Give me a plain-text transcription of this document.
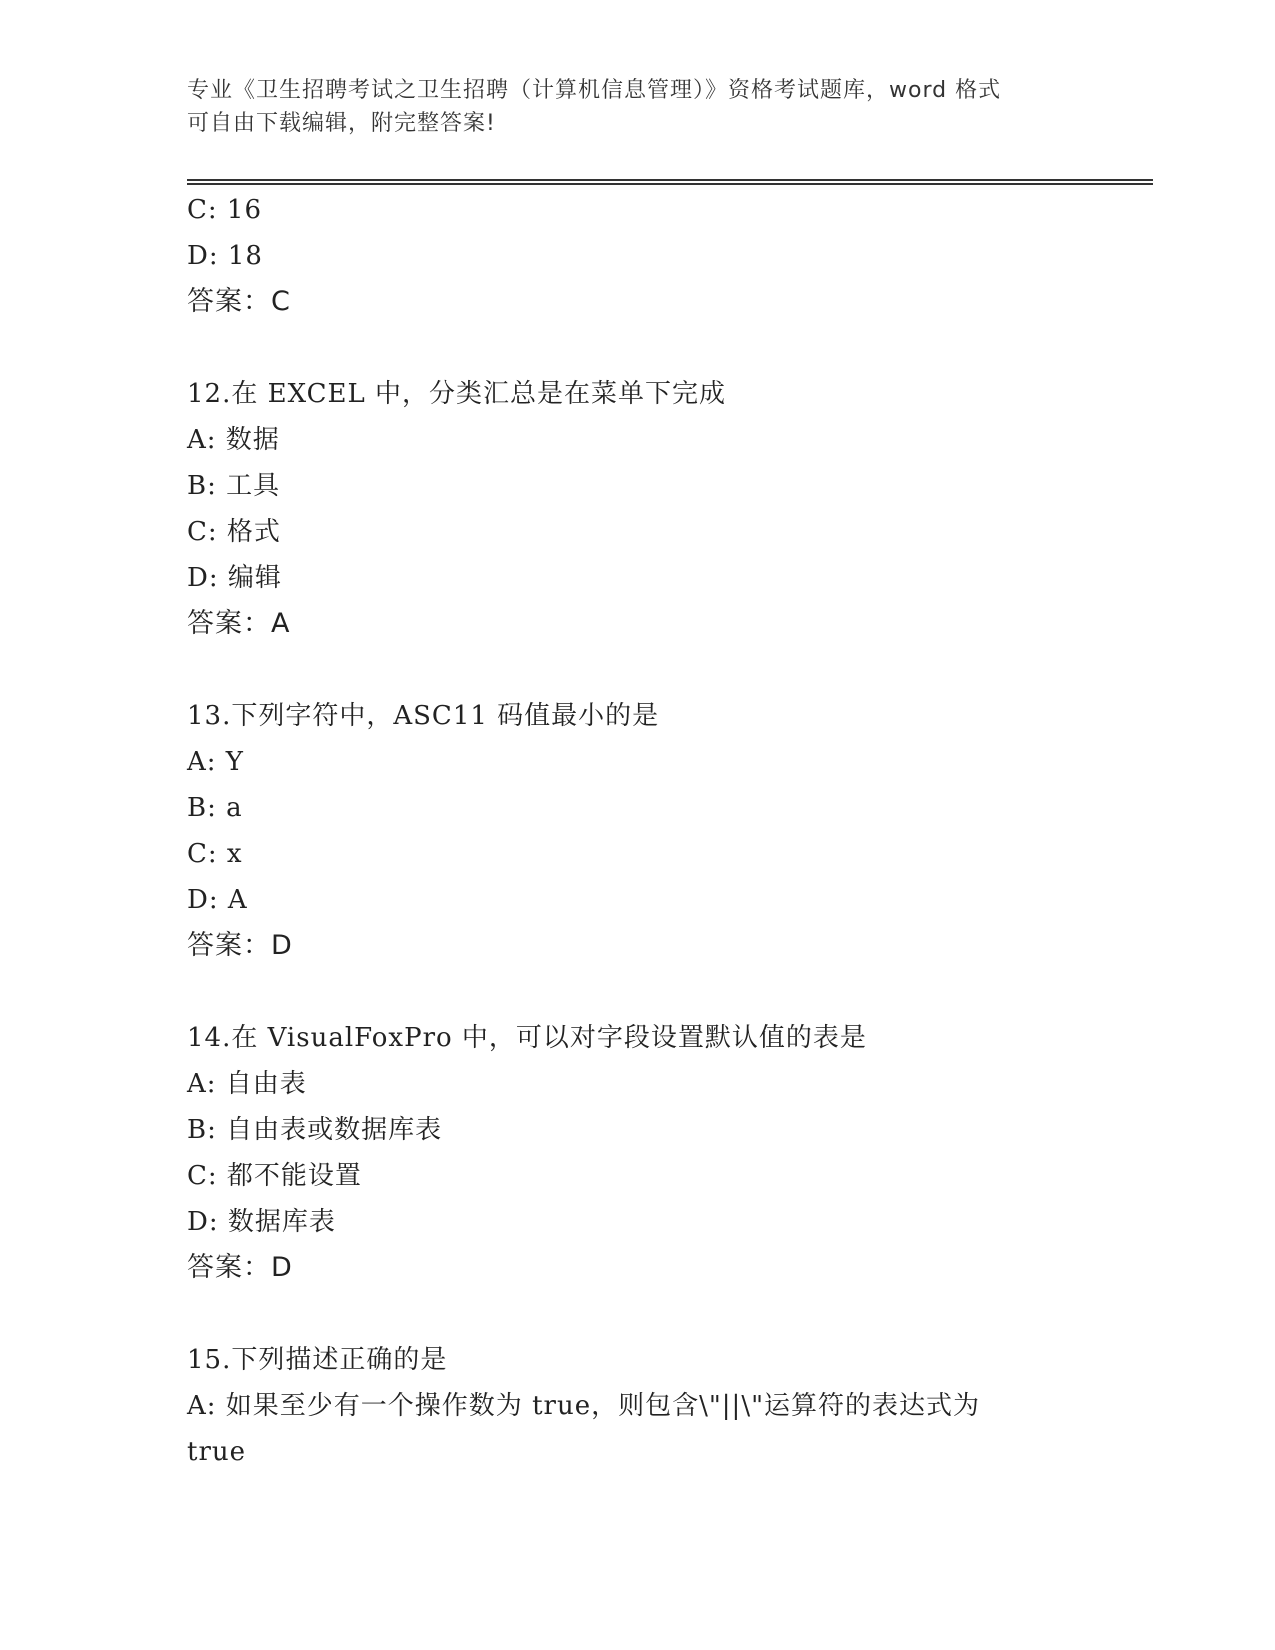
专业《卫生招聘考试之卫生招聘（计算机信息管理）》资格考试题库，word 格式
可自由下载编辑，附完整答案!
C: 16
D: 18
答案：C
12.在 EXCEL 中，分类汇总是在菜单下完成
A: 数据
B: 工具
C: 格式
D: 编辑
答案：A
13.下列字符中，ASC11 码值最小的是
A: Y
B: a
C: x
D: A
答案：D
14.在 VisualFoxPro 中，可以对字段设置默认值的表是
A: 自由表
B: 自由表或数据库表
C: 都不能设置
D: 数据库表
答案：D
15.下列描述正确的是
A: 如果至少有一个操作数为 true，则包含\"||\"运算符的表达式为
true
